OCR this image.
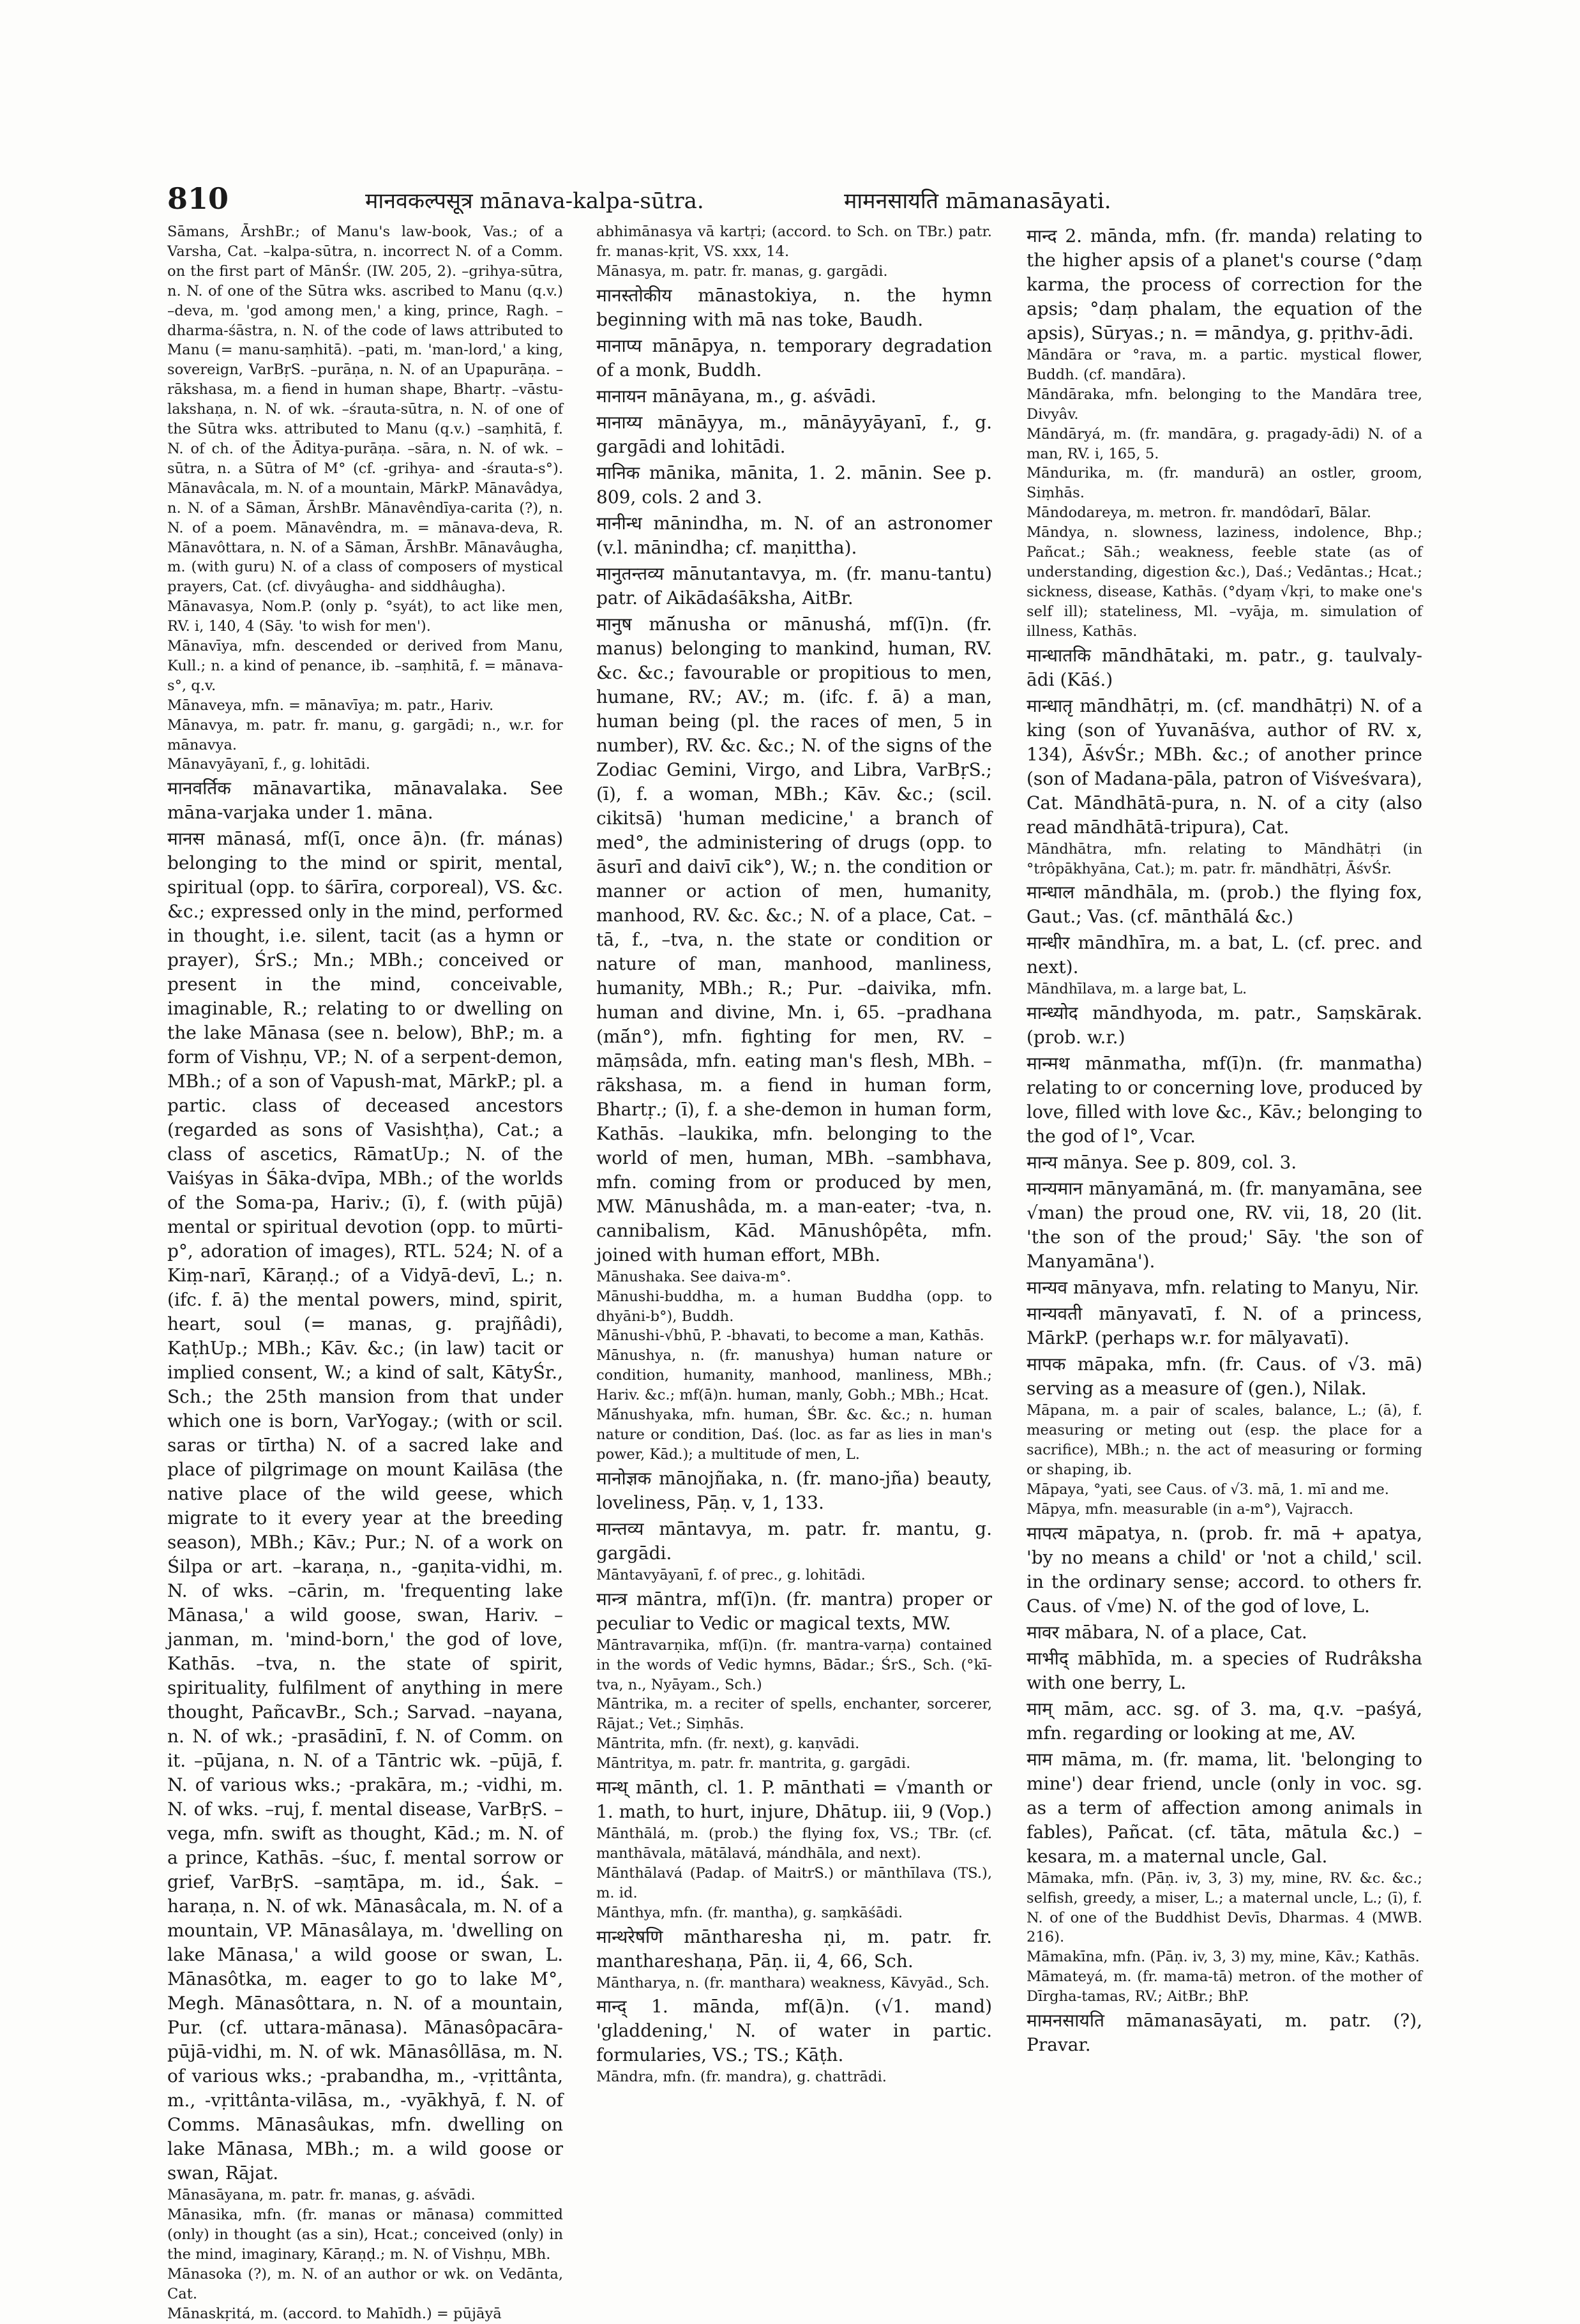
810	मानवकल्पसूत्र mānava-kalpa-sūtra.	मामनसायति māmanasāyati.

Sāmans, ĀrshBr.; of Manu's law-book, Vas.; of a Varsha, Cat. –kalpa-sūtra, n. incorrect N. of a Comm. on the first part of MānŚr. (IW. 205, 2). –grihya-sūtra, n. N. of one of the Sūtra wks. ascribed to Manu (q.v.) –deva, m. 'god among men,' a king, prince, Ragh. –dharma-śāstra, n. N. of the code of laws attributed to Manu (= manu-saṃhitā). –pati, m. 'man-lord,' a king, sovereign, VarBṛS. –purāṇa, n. N. of an Upapurāṇa. –rākshasa, m. a fiend in human shape, Bhartṛ. –vāstu-lakshaṇa, n. N. of wk. –śrauta-sūtra, n. N. of one of the Sūtra wks. attributed to Manu (q.v.) –saṃhitā, f. N. of ch. of the Āditya-purāṇa. –sāra, n. N. of wk. –sūtra, n. a Sūtra of M° (cf. -grihya- and -śrauta-s°). Mānavâcala, m. N. of a mountain, MārkP. Mānavâdya, n. N. of a Sāman, ĀrshBr. Mānavêndīya-carita (?), n. N. of a poem. Mānavêndra, m. = mānava-deva, R. Mānavôttara, n. N. of a Sāman, ĀrshBr. Mānavâugha, m. (with guru) N. of a class of composers of mystical prayers, Cat. (cf. divyâugha- and siddhâugha).

Mānavasya, Nom.P. (only p. °syát), to act like men, RV. i, 140, 4 (Sāy. 'to wish for men').

Mānavīya, mfn. descended or derived from Manu, Kull.; n. a kind of penance, ib. –saṃhitā, f. = mānava-s°, q.v.

Mānaveya, mfn. = mānavīya; m. patr., Hariv.

Mānavya, m. patr. fr. manu, g. gargādi; n., w.r. for mānavya.

Mānavyāyanī, f., g. lohitādi.

मानवर्तिक mānavartika, mānavalaka. See māna-varjaka under 1. māna.

मानस mānasá, mf(ī, once ā)n. (fr. mánas) belonging to the mind or spirit, mental, spiritual (opp. to śārīra, corporeal), VS. &c. &c.; expressed only in the mind, performed in thought, i.e. silent, tacit (as a hymn or prayer), ŚrS.; Mn.; MBh.; conceived or present in the mind, conceivable, imaginable, R.; relating to or dwelling on the lake Mānasa (see n. below), BhP.; m. a form of Vishṇu, VP.; N. of a serpent-demon, MBh.; of a son of Vapush-mat, MārkP.; pl. a partic. class of deceased ancestors (regarded as sons of Vasishṭha), Cat.; a class of ascetics, RāmatUp.; N. of the Vaiśyas in Śāka-dvīpa, MBh.; of the worlds of the Soma-pa, Hariv.; (ī), f. (with pūjā) mental or spiritual devotion (opp. to mūrti-p°, adoration of images), RTL. 524; N. of a Kiṃ-narī, Kāraṇḍ.; of a Vidyā-devī, L.; n. (ifc. f. ā) the mental powers, mind, spirit, heart, soul (= manas, g. prajñâdi), KaṭhUp.; MBh.; Kāv. &c.; (in law) tacit or implied consent, W.; a kind of salt, KātyŚr., Sch.; the 25th mansion from that under which one is born, VarYogay.; (with or scil. saras or tīrtha) N. of a sacred lake and place of pilgrimage on mount Kailāsa (the native place of the wild geese, which migrate to it every year at the breeding season), MBh.; Kāv.; Pur.; N. of a work on Śilpa or art. –karaṇa, n., -gaṇita-vidhi, m. N. of wks. –cārin, m. 'frequenting lake Mānasa,' a wild goose, swan, Hariv. –janman, m. 'mind-born,' the god of love, Kathās. –tva, n. the state of spirit, spirituality, fulfilment of anything in mere thought, PañcavBr., Sch.; Sarvad. –nayana, n. N. of wk.; -prasādinī, f. N. of Comm. on it. –pūjana, n. N. of a Tāntric wk. –pūjā, f. N. of various wks.; -prakāra, m.; -vidhi, m. N. of wks. –ruj, f. mental disease, VarBṛS. –vega, mfn. swift as thought, Kād.; m. N. of a prince, Kathās. –śuc, f. mental sorrow or grief, VarBṛS. –saṃtāpa, m. id., Śak. –haraṇa, n. N. of wk. Mānasâcala, m. N. of a mountain, VP. Mānasâlaya, m. 'dwelling on lake Mānasa,' a wild goose or swan, L. Mānasôtka, m. eager to go to lake M°, Megh. Mānasôttara, n. N. of a mountain, Pur. (cf. uttara-mānasa). Mānasôpacāra-pūjā-vidhi, m. N. of wk. Mānasôllāsa, m. N. of various wks.; -prabandha, m., -vṛittânta, m., -vṛittânta-vilāsa, m., -vyākhyā, f. N. of Comms. Mānasâukas, mfn. dwelling on lake Mānasa, MBh.; m. a wild goose or swan, Rājat.

Mānasāyana, m. patr. fr. manas, g. aśvādi.

Mānasika, mfn. (fr. manas or mānasa) committed (only) in thought (as a sin), Hcat.; conceived (only) in the mind, imaginary, Kāraṇḍ.; m. N. of Vishṇu, MBh.

Mānasoka (?), m. N. of an author or wk. on Vedānta, Cat.

Mānaskṛitá, m. (accord. to Mahīdh.) = pūjāyā

abhimānasya vā kartṛi; (accord. to Sch. on TBr.) patr. fr. manas-kṛit, VS. xxx, 14.

Mānasya, m. patr. fr. manas, g. gargādi.

मानस्तोकीय mānastokiya, n. the hymn beginning with mā nas toke, Baudh.

मानाप्य mānāpya, n. temporary degradation of a monk, Buddh.

मानायन mānāyana, m., g. aśvādi.

मानाय्य mānāyya, m., mānāyyāyanī, f., g. gargādi and lohitādi.

मानिक mānika, mānita, 1. 2. mānin. See p. 809, cols. 2 and 3.

मानीन्ध mānindha, m. N. of an astronomer (v.l. mānindha; cf. maṇittha).

मानुतन्तव्य mānutantavya, m. (fr. manu-tantu) patr. of Aikādaśāksha, AitBr.

मानुष mā́nusha or mānushá, mf(ī)n. (fr. manus) belonging to mankind, human, RV. &c. &c.; favourable or propitious to men, humane, RV.; AV.; m. (ifc. f. ā) a man, human being (pl. the races of men, 5 in number), RV. &c. &c.; N. of the signs of the Zodiac Gemini, Virgo, and Libra, VarBṛS.; (ī), f. a woman, MBh.; Kāv. &c.; (scil. cikitsā) 'human medicine,' a branch of med°, the administering of drugs (opp. to āsurī and daivī cik°), W.; n. the condition or manner or action of men, humanity, manhood, RV. &c. &c.; N. of a place, Cat. –tā, f., –tva, n. the state or condition or nature of man, manhood, manliness, humanity, MBh.; R.; Pur. –daivika, mfn. human and divine, Mn. i, 65. –pradhana (mā́n°), mfn. fighting for men, RV. –māṃsâda, mfn. eating man's flesh, MBh. –rākshasa, m. a fiend in human form, Bhartṛ.; (ī), f. a she-demon in human form, Kathās. –laukika, mfn. belonging to the world of men, human, MBh. –sambhava, mfn. coming from or produced by men, MW. Mānushâda, m. a man-eater; -tva, n. cannibalism, Kād. Mānushôpêta, mfn. joined with human effort, MBh.

Mānushaka. See daiva-m°.

Mānushi-buddha, m. a human Buddha (opp. to dhyāni-b°), Buddh.

Mānushi-√bhū, P. -bhavati, to become a man, Kathās.

Mānushya, n. (fr. manushya) human nature or condition, humanity, manhood, manliness, MBh.; Hariv. &c.; mf(ā)n. human, manly, Gobh.; MBh.; Hcat.

Mā́nushyaka, mfn. human, ŚBr. &c. &c.; n. human nature or condition, Daś. (loc. as far as lies in man's power, Kād.); a multitude of men, L.

मानोज्ञक mānojñaka, n. (fr. mano-jña) beauty, loveliness, Pāṇ. v, 1, 133.

मान्तव्य māntavya, m. patr. fr. mantu, g. gargādi.

Māntavyāyanī, f. of prec., g. lohitādi.

मान्त्र māntra, mf(ī)n. (fr. mantra) proper or peculiar to Vedic or magical texts, MW.

Māntravarṇika, mf(ī)n. (fr. mantra-varṇa) contained in the words of Vedic hymns, Bādar.; ŚrS., Sch. (°kī-tva, n., Nyāyam., Sch.)

Māntrika, m. a reciter of spells, enchanter, sorcerer, Rājat.; Vet.; Siṃhās.

Māntrita, mfn. (fr. next), g. kaṇvādi.

Māntritya, m. patr. fr. mantrita, g. gargādi.

मान्थ् mānth, cl. 1. P. mānthati = √manth or 1. math, to hurt, injure, Dhātup. iii, 9 (Vop.)

Mānthālá, m. (prob.) the flying fox, VS.; TBr. (cf. manthāvala, mātālavá, mándhāla, and next).

Mānthālavá (Padap. of MaitrS.) or mānthīlava (TS.), m. id.

Mānthya, mfn. (fr. mantha), g. saṃkāśādi.

मान्थरेषणि māntharesha ṇi, m. patr. fr. manthareshaṇa, Pāṇ. ii, 4, 66, Sch.

Māntharya, n. (fr. manthara) weakness, Kāvyād., Sch.

मान्द् 1. mānda, mf(ā)n. (√1. mand) 'gladdening,' N. of water in partic. formularies, VS.; TS.; Kāṭh.

Māndra, mfn. (fr. mandra), g. chattrādi.

मान्द 2. mānda, mfn. (fr. manda) relating to the higher apsis of a planet's course (°daṃ karma, the process of correction for the apsis; °daṃ phalam, the equation of the apsis), Sūryas.; n. = māndya, g. pṛithv-ādi.

Māndāra or °rava, m. a partic. mystical flower, Buddh. (cf. mandāra).

Māndāraka, mfn. belonging to the Mandāra tree, Divyâv.

Māndāryá, m. (fr. mandāra, g. pragady-ādi) N. of a man, RV. i, 165, 5.

Māndurika, m. (fr. mandurā) an ostler, groom, Siṃhās.

Māndodareya, m. metron. fr. mandôdarī, Bālar.

Māndya, n. slowness, laziness, indolence, Bhp.; Pañcat.; Sāh.; weakness, feeble state (as of understanding, digestion &c.), Daś.; Vedāntas.; Hcat.; sickness, disease, Kathās. (°dyaṃ √kṛi, to make one's self ill); stateliness, Ml. –vyāja, m. simulation of illness, Kathās.

मान्धातकि māndhātaki, m. patr., g. taulvaly-ādi (Kāś.)

मान्धातृ māndhātṛi, m. (cf. mandhātṛi) N. of a king (son of Yuvanāśva, author of RV. x, 134), ĀśvŚr.; MBh. &c.; of another prince (son of Madana-pāla, patron of Viśveśvara), Cat. Māndhātā-pura, n. N. of a city (also read māndhātā-tripura), Cat.

Māndhātra, mfn. relating to Māndhātṛi (in °trôpākhyāna, Cat.); m. patr. fr. māndhātṛi, ĀśvŚr.

मान्धाल māndhāla, m. (prob.) the flying fox, Gaut.; Vas. (cf. mānthālá &c.)

मान्धीर māndhīra, m. a bat, L. (cf. prec. and next).

Māndhīlava, m. a large bat, L.

मान्ध्योद māndhyoda, m. patr., Saṃskārak. (prob. w.r.)

मान्मथ mānmatha, mf(ī)n. (fr. manmatha) relating to or concerning love, produced by love, filled with love &c., Kāv.; belonging to the god of l°, Vcar.

मान्य mānya. See p. 809, col. 3.

मान्यमान mānyamāná, m. (fr. manyamāna, see √man) the proud one, RV. vii, 18, 20 (lit. 'the son of the proud;' Sāy. 'the son of Manyamāna').

मान्यव mānyava, mfn. relating to Manyu, Nir.

मान्यवती mānyavatī, f. N. of a princess, MārkP. (perhaps w.r. for mālyavatī).

मापक māpaka, mfn. (fr. Caus. of √3. mā) serving as a measure of (gen.), Nilak.

Māpana, m. a pair of scales, balance, L.; (ā), f. measuring or meting out (esp. the place for a sacrifice), MBh.; n. the act of measuring or forming or shaping, ib.

Māpaya, °yati, see Caus. of √3. mā, 1. mī and me.

Māpya, mfn. measurable (in a-m°), Vajracch.

मापत्य māpatya, n. (prob. fr. mā + apatya, 'by no means a child' or 'not a child,' scil. in the ordinary sense; accord. to others fr. Caus. of √me) N. of the god of love, L.

मावर mābara, N. of a place, Cat.

माभीद् mābhīda, m. a species of Rudrâksha with one berry, L.

माम् mām, acc. sg. of 3. ma, q.v. –paśyá, mfn. regarding or looking at me, AV.

माम māma, m. (fr. mama, lit. 'belonging to mine') dear friend, uncle (only in voc. sg. as a term of affection among animals in fables), Pañcat. (cf. tāta, mātula &c.) –kesara, m. a maternal uncle, Gal.

Māmaka, mfn. (Pāṇ. iv, 3, 3) my, mine, RV. &c. &c.; selfish, greedy, a miser, L.; a maternal uncle, L.; (ī), f. N. of one of the Buddhist Devīs, Dharmas. 4 (MWB. 216).

Māmakīna, mfn. (Pāṇ. iv, 3, 3) my, mine, Kāv.; Kathās.

Māmateyá, m. (fr. mama-tā) metron. of the mother of Dīrgha-tamas, RV.; AitBr.; BhP.

मामनसायति māmanasāyati, m. patr. (?), Pravar.
